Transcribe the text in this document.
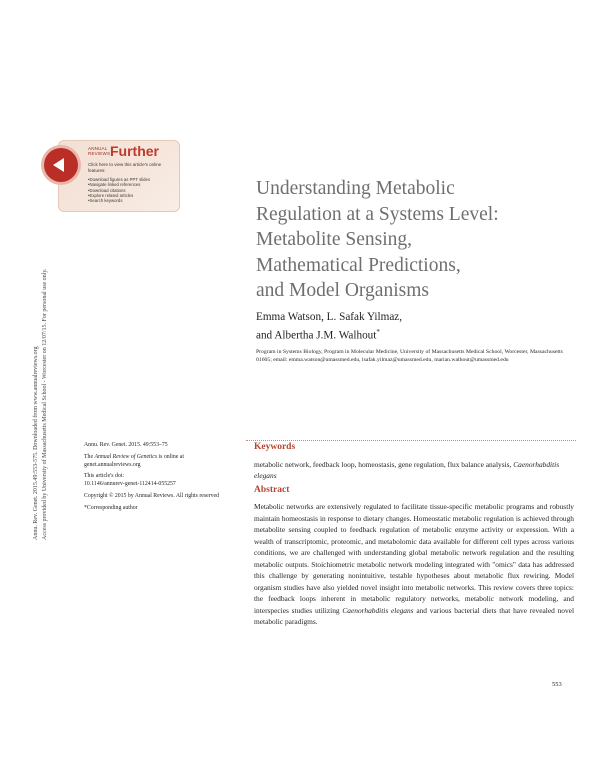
ANNUAL
REVIEWS Further
Click here to view this article's online features:
• Download figures as PPT slides
• Navigate linked references
• Download citations
• Explore related articles
• Search keywords
Understanding Metabolic
Regulation at a Systems Level:
Metabolite Sensing,
Mathematical Predictions,
and Model Organisms
Emma Watson, L. Safak Yilmaz,
and Albertha J.M. Walhout*
Program in Systems Biology, Program in Molecular Medicine, University of Massachusetts Medical School, Worcester, Massachusetts 01605; email: emma.watson@umassmed.edu, lsafak.yilmaz@umassmed.edu, marian.walhout@umassmed.edu

Annu. Rev. Genet. 2015. 49:553–75

The Annual Review of Genetics is online at genet.annualreviews.org

This article's doi:
10.1146/annurev-genet-112414-055257

Copyright © 2015 by Annual Reviews. All rights reserved

*Corresponding author

Keywords
metabolic network, feedback loop, homeostasis, gene regulation, flux balance analysis, Caenorhabditis elegans
Abstract
Metabolic networks are extensively regulated to facilitate tissue-specific metabolic programs and robustly maintain homeostasis in response to dietary changes. Homeostatic metabolic regulation is achieved through metabolite sensing coupled to feedback regulation of metabolic enzyme activity or expression. With a wealth of transcriptomic, proteomic, and metabolomic data available for different cell types across various conditions, we are challenged with understanding global metabolic network regulation and the resulting metabolic outputs. Stoichiometric metabolic network modeling integrated with "omics" data has addressed this challenge by generating nonintuitive, testable hypotheses about metabolic flux rewiring. Model organism studies have also yielded novel insight into metabolic networks. This review covers three topics: the feedback loops inherent in metabolic regulatory networks, metabolic network modeling, and interspecies studies utilizing Caenorhabditis elegans and various bacterial diets that have revealed novel metabolic paradigms.
Annu. Rev. Genet. 2015.49:553-575. Downloaded from www.annualreviews.org Access provided by University of Massachusetts Medical School - Worcester on 12/07/15. For personal use only.
553
